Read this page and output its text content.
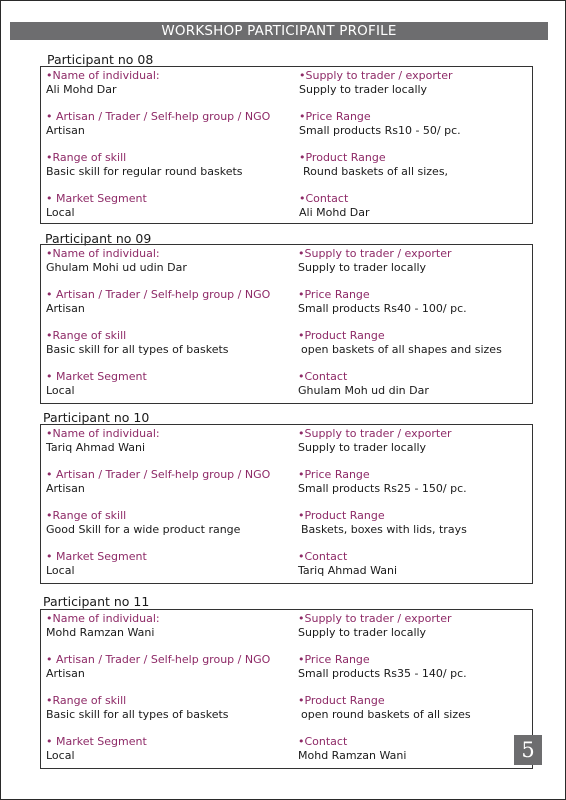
WORKSHOP PARTICIPANT PROFILE
Participant no 08
•Name of individual:
Ali Mohd Dar
•Supply to trader / exporter
Supply to trader locally
• Artisan / Trader / Self-help group / NGO
Artisan
•Price Range
Small products Rs10 - 50/ pc.
•Range of skill
Basic skill for regular round baskets
•Product Range
Round baskets of all sizes,
• Market Segment
Local
•Contact
Ali Mohd Dar
Participant no 09
•Name of individual:
Ghulam Mohi ud udin Dar
•Supply to trader / exporter
Supply to trader locally
• Artisan / Trader / Self-help group / NGO
Artisan
•Price Range
Small products Rs40 - 100/ pc.
•Range of skill
Basic skill for all types of baskets
•Product Range
open baskets of all shapes and sizes
• Market Segment
Local
•Contact
Ghulam Moh ud din Dar
Participant no 10
•Name of individual:
Tariq Ahmad Wani
•Supply to trader / exporter
Supply to trader locally
• Artisan / Trader / Self-help group / NGO
Artisan
•Price Range
Small products Rs25 - 150/ pc.
•Range of skill
Good Skill for a wide product range
•Product Range
Baskets, boxes with lids, trays
• Market Segment
Local
•Contact
Tariq Ahmad Wani
Participant no 11
•Name of individual:
Mohd Ramzan Wani
•Supply to trader / exporter
Supply to trader locally
• Artisan / Trader / Self-help group / NGO
Artisan
•Price Range
Small products Rs35 - 140/ pc.
•Range of skill
Basic skill for all types of baskets
•Product Range
open round baskets of all sizes
• Market Segment
Local
•Contact
Mohd Ramzan Wani	5
